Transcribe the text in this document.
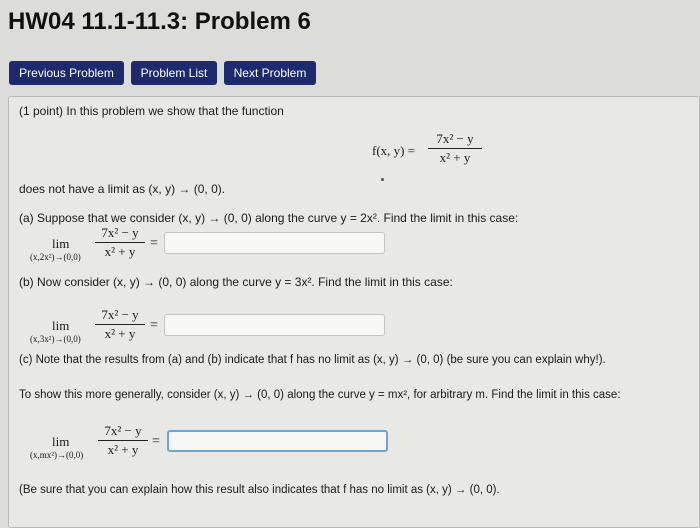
HW04 11.1-11.3: Problem 6
Previous Problem	Problem List	Next Problem
(1 point) In this problem we show that the function
f(x, $y) = \frac{\text{7x² − y}}{\text{x² + y}}$
does not have a limit as (x, y) → (0, 0).
(a) Suppose that we consider (x, y) → (0, 0) along the curve y = 2x². Find the limit in this case:
lim
$(x,2x^2)\to(0,0) \frac{\text{7x² − y}}{\text{x² + y}}$ =
(b) Now consider (x, y) → (0, 0) along the curve y = 3x². Find the limit in this case:
lim
$(x,3x^2)\to(0,0) \frac{\text{7x² − y}}{\text{x² + y}}$ =
(c) Note that the results from (a) and (b) indicate that f has no limit as (x, y) → (0, 0) (be sure you can explain why!).
To show this more generally, consider (x, y) → (0, 0) along the curve y = mx², for arbitrary m. Find the limit in this case:
lim
$(x,mx^2)\to(0,0) \frac{\text{7x² − y}}{\text{x² + y}}$ =
(Be sure that you can explain how this result also indicates that f has no limit as (x, y) → (0, 0).
